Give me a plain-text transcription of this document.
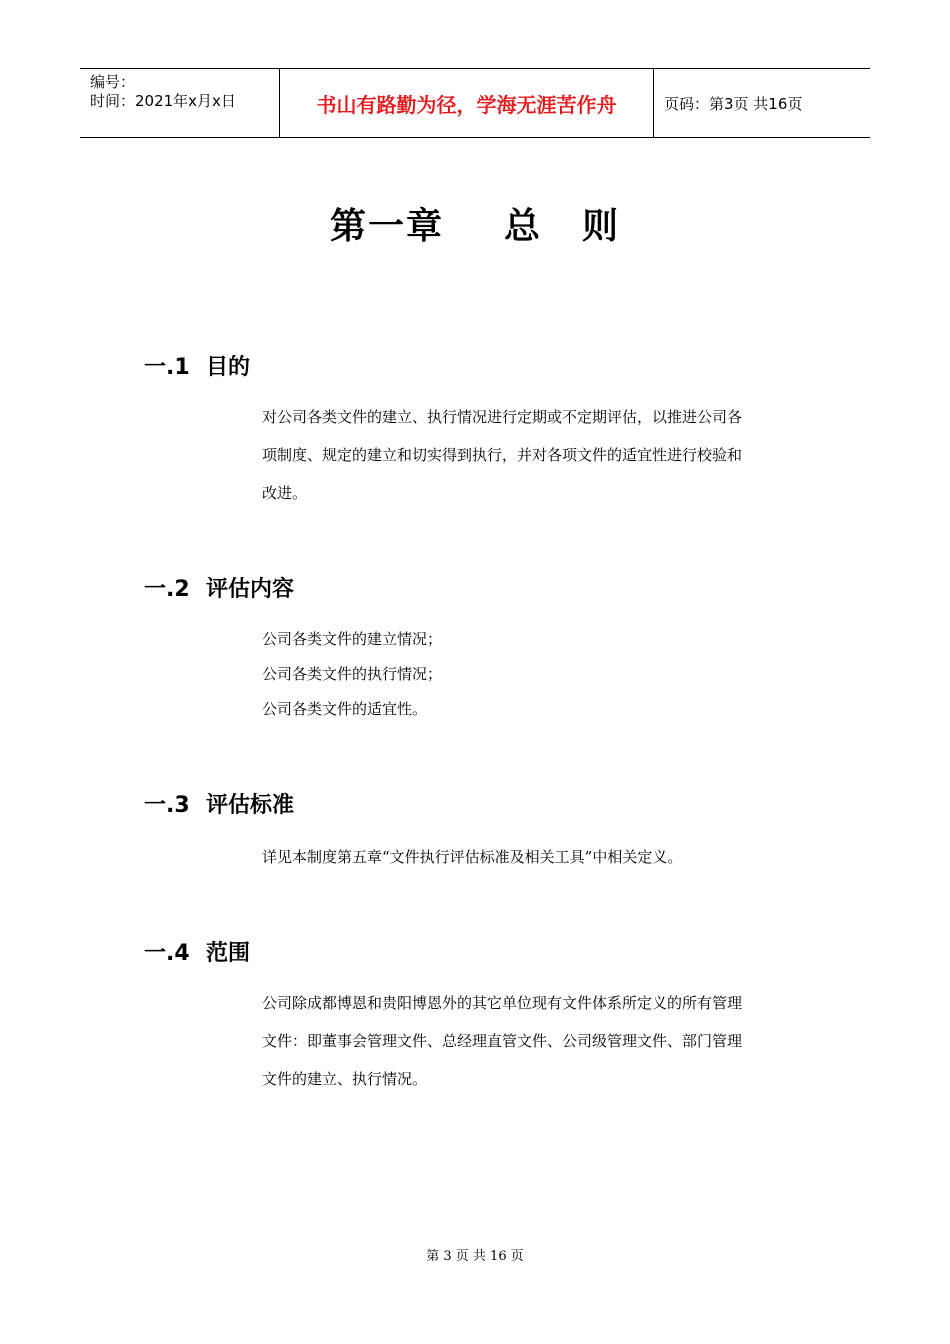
编号：
时间：2021年x月x日	书山有路勤为径，学海无涯苦作舟	页码：第3页 共16页
第一章 总 则
一.1 目的
对公司各类文件的建立、执行情况进行定期或不定期评估，以推进公司各
项制度、规定的建立和切实得到执行，并对各项文件的适宜性进行校验和
改进。
一.2 评估内容
公司各类文件的建立情况；
公司各类文件的执行情况；
公司各类文件的适宜性。
一.3 评估标准
详见本制度第五章“文件执行评估标准及相关工具”中相关定义。
一.4 范围
公司除成都博恩和贵阳博恩外的其它单位现有文件体系所定义的所有管理
文件：即董事会管理文件、总经理直管文件、公司级管理文件、部门管理
文件的建立、执行情况。
第 3 页 共 16 页
